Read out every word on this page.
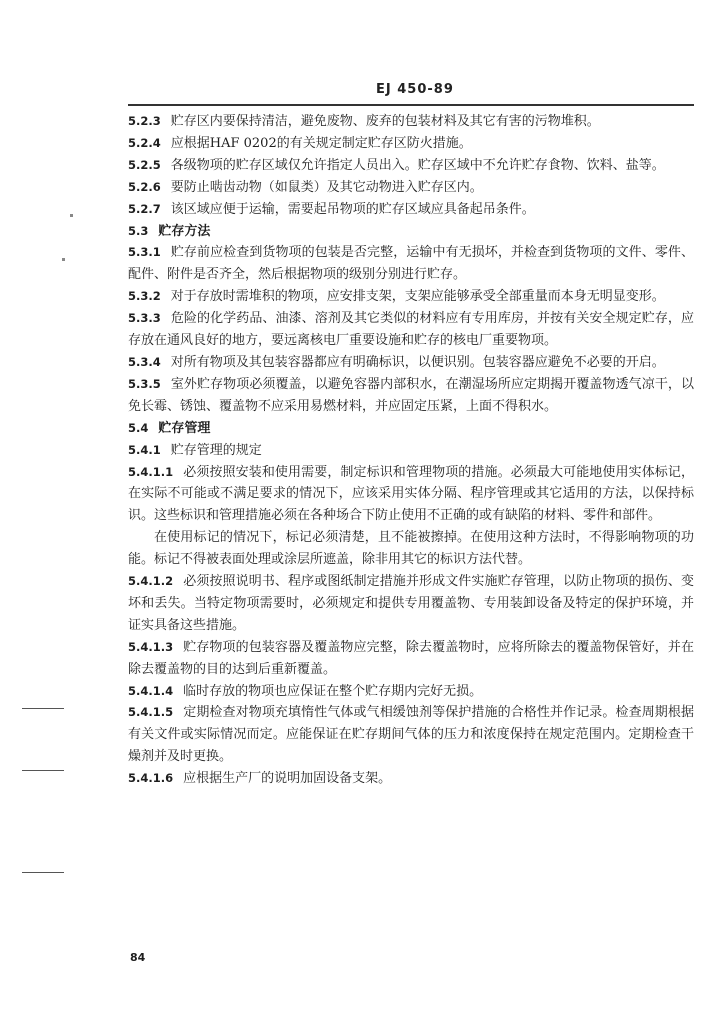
EJ 450-89

5.2.3 贮存区内要保持清洁，避免废物、废弃的包装材料及其它有害的污物堆积。

5.2.4 应根据HAF 0202的有关规定制定贮存区防火措施。

5.2.5 各级物项的贮存区域仅允许指定人员出入。贮存区域中不允许贮存食物、饮料、盐等。

5.2.6 要防止啮齿动物（如鼠类）及其它动物进入贮存区内。

5.2.7 该区域应便于运输，需要起吊物项的贮存区域应具备起吊条件。

5.3 贮存方法

5.3.1 贮存前应检查到货物项的包装是否完整，运输中有无损坏，并检查到货物项的文件、零件、配件、附件是否齐全，然后根据物项的级别分别进行贮存。

5.3.2 对于存放时需堆积的物项，应安排支架，支架应能够承受全部重量而本身无明显变形。

5.3.3 危险的化学药品、油漆、溶剂及其它类似的材料应有专用库房，并按有关安全规定贮存，应存放在通风良好的地方，要远离核电厂重要设施和贮存的核电厂重要物项。

5.3.4 对所有物项及其包装容器都应有明确标识，以便识别。包装容器应避免不必要的开启。

5.3.5 室外贮存物项必须覆盖，以避免容器内部积水，在潮湿场所应定期揭开覆盖物透气凉干，以免长霉、锈蚀、覆盖物不应采用易燃材料，并应固定压紧，上面不得积水。

5.4 贮存管理

5.4.1 贮存管理的规定

5.4.1.1 必须按照安装和使用需要，制定标识和管理物项的措施。必须最大可能地使用实体标记，在实际不可能或不满足要求的情况下，应该采用实体分隔、程序管理或其它适用的方法，以保持标识。这些标识和管理措施必须在各种场合下防止使用不正确的或有缺陷的材料、零件和部件。

在使用标记的情况下，标记必须清楚，且不能被擦掉。在使用这种方法时，不得影响物项的功能。标记不得被表面处理或涂层所遮盖，除非用其它的标识方法代替。

5.4.1.2 必须按照说明书、程序或图纸制定措施并形成文件实施贮存管理，以防止物项的损伤、变坏和丢失。当特定物项需要时，必须规定和提供专用覆盖物、专用装卸设备及特定的保护环境，并证实具备这些措施。

5.4.1.3 贮存物项的包装容器及覆盖物应完整，除去覆盖物时，应将所除去的覆盖物保管好，并在除去覆盖物的目的达到后重新覆盖。

5.4.1.4 临时存放的物项也应保证在整个贮存期内完好无损。

5.4.1.5 定期检查对物项充填惰性气体或气相缓蚀剂等保护措施的合格性并作记录。检查周期根据有关文件或实际情况而定。应能保证在贮存期间气体的压力和浓度保持在规定范围内。定期检查干燥剂并及时更换。

5.4.1.6 应根据生产厂的说明加固设备支架。

84
